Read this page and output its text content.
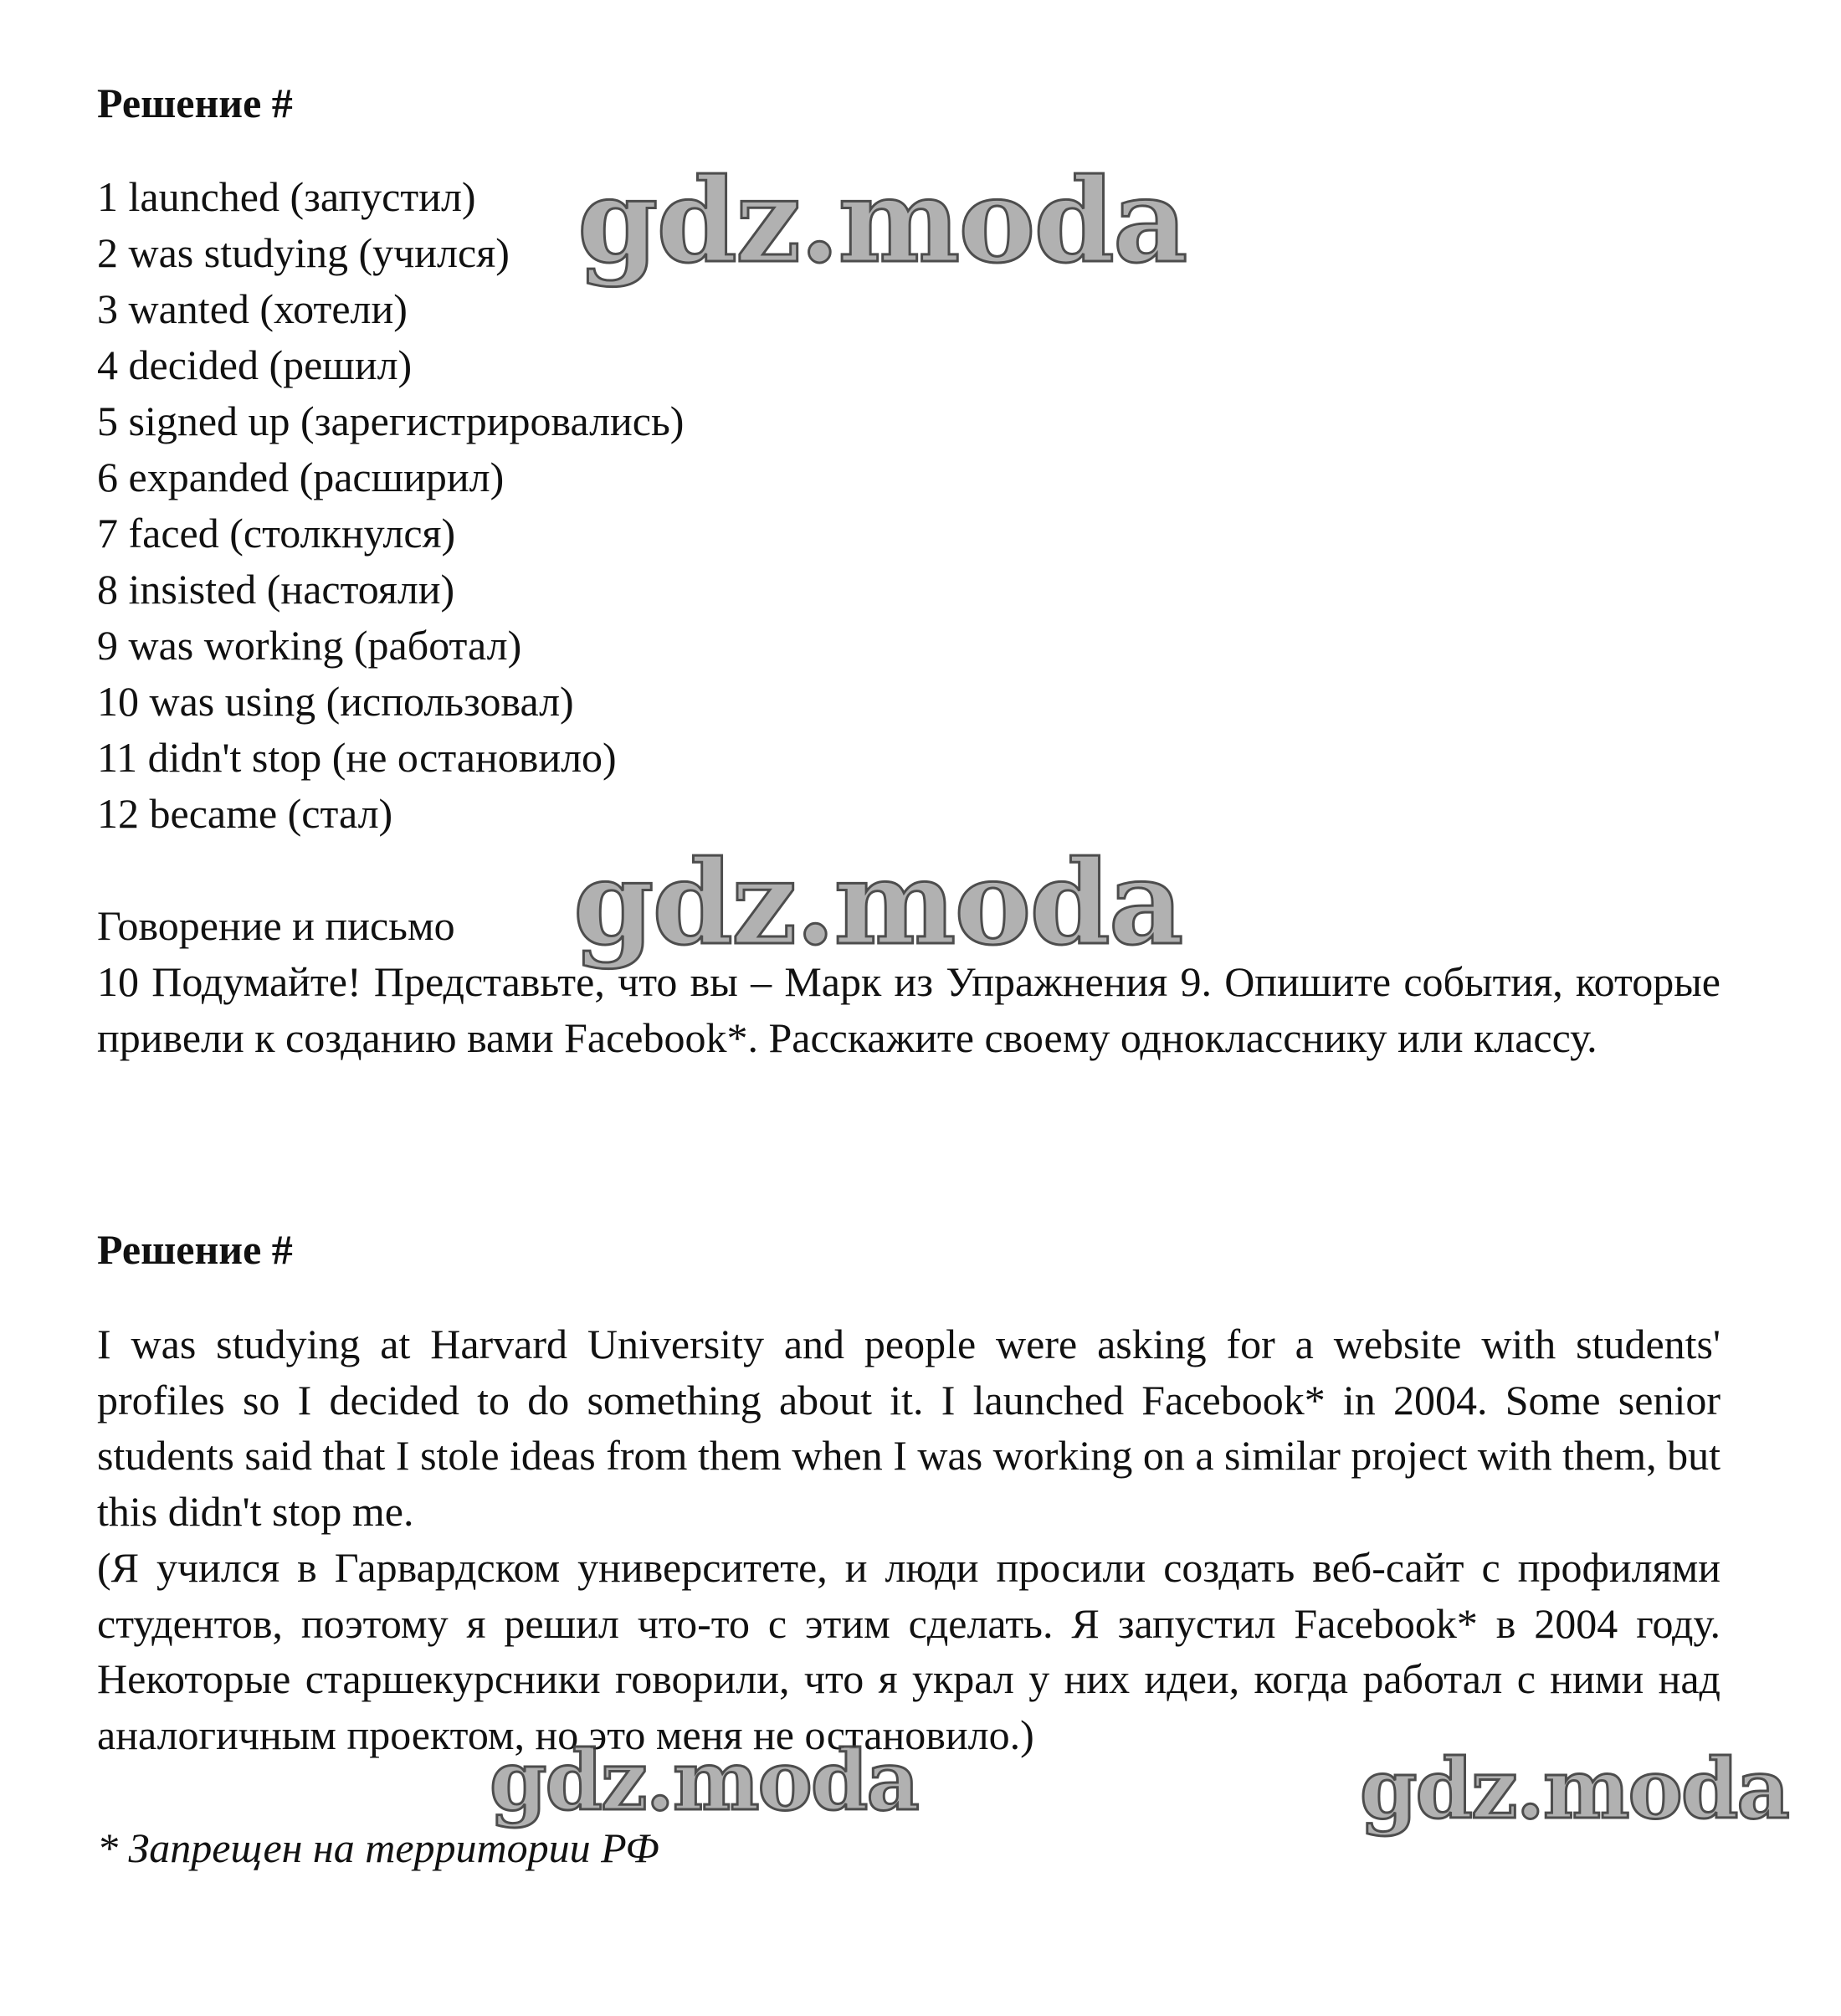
Решение #
1 launched (запустил)
2 was studying (учился)
3 wanted (хотели)
4 decided (решил)
5 signed up (зарегистрировались)
6 expanded (расширил)
7 faced (столкнулся)
8 insisted (настояли)
9 was working (работал)
10 was using (использовал)
11 didn't stop (не остановило)
12 became (стал)
Говорение и письмо

10 Подумайте! Представьте, что вы – Марк из Упражнения 9. Опишите события, которые привели к созданию вами Facebook*. Расскажите своему однокласснику или классу.

Решение #

I was studying at Harvard University and people were asking for a website with students' profiles so I decided to do something about it. I launched Facebook* in 2004. Some senior students said that I stole ideas from them when I was working on a similar project with them, but this didn't stop me.

(Я учился в Гарвардском университете, и люди просили создать веб-сайт с профилями студентов, поэтому я решил что-то с этим сделать. Я запустил Facebook* в 2004 году. Некоторые старшекурсники говорили, что я украл у них идеи, когда работал с ними над аналогичным проектом, но это меня не остановило.)

* Запрещен на территории РФ
gdz.moda
gdz.moda
gdz.moda	gdz.moda
